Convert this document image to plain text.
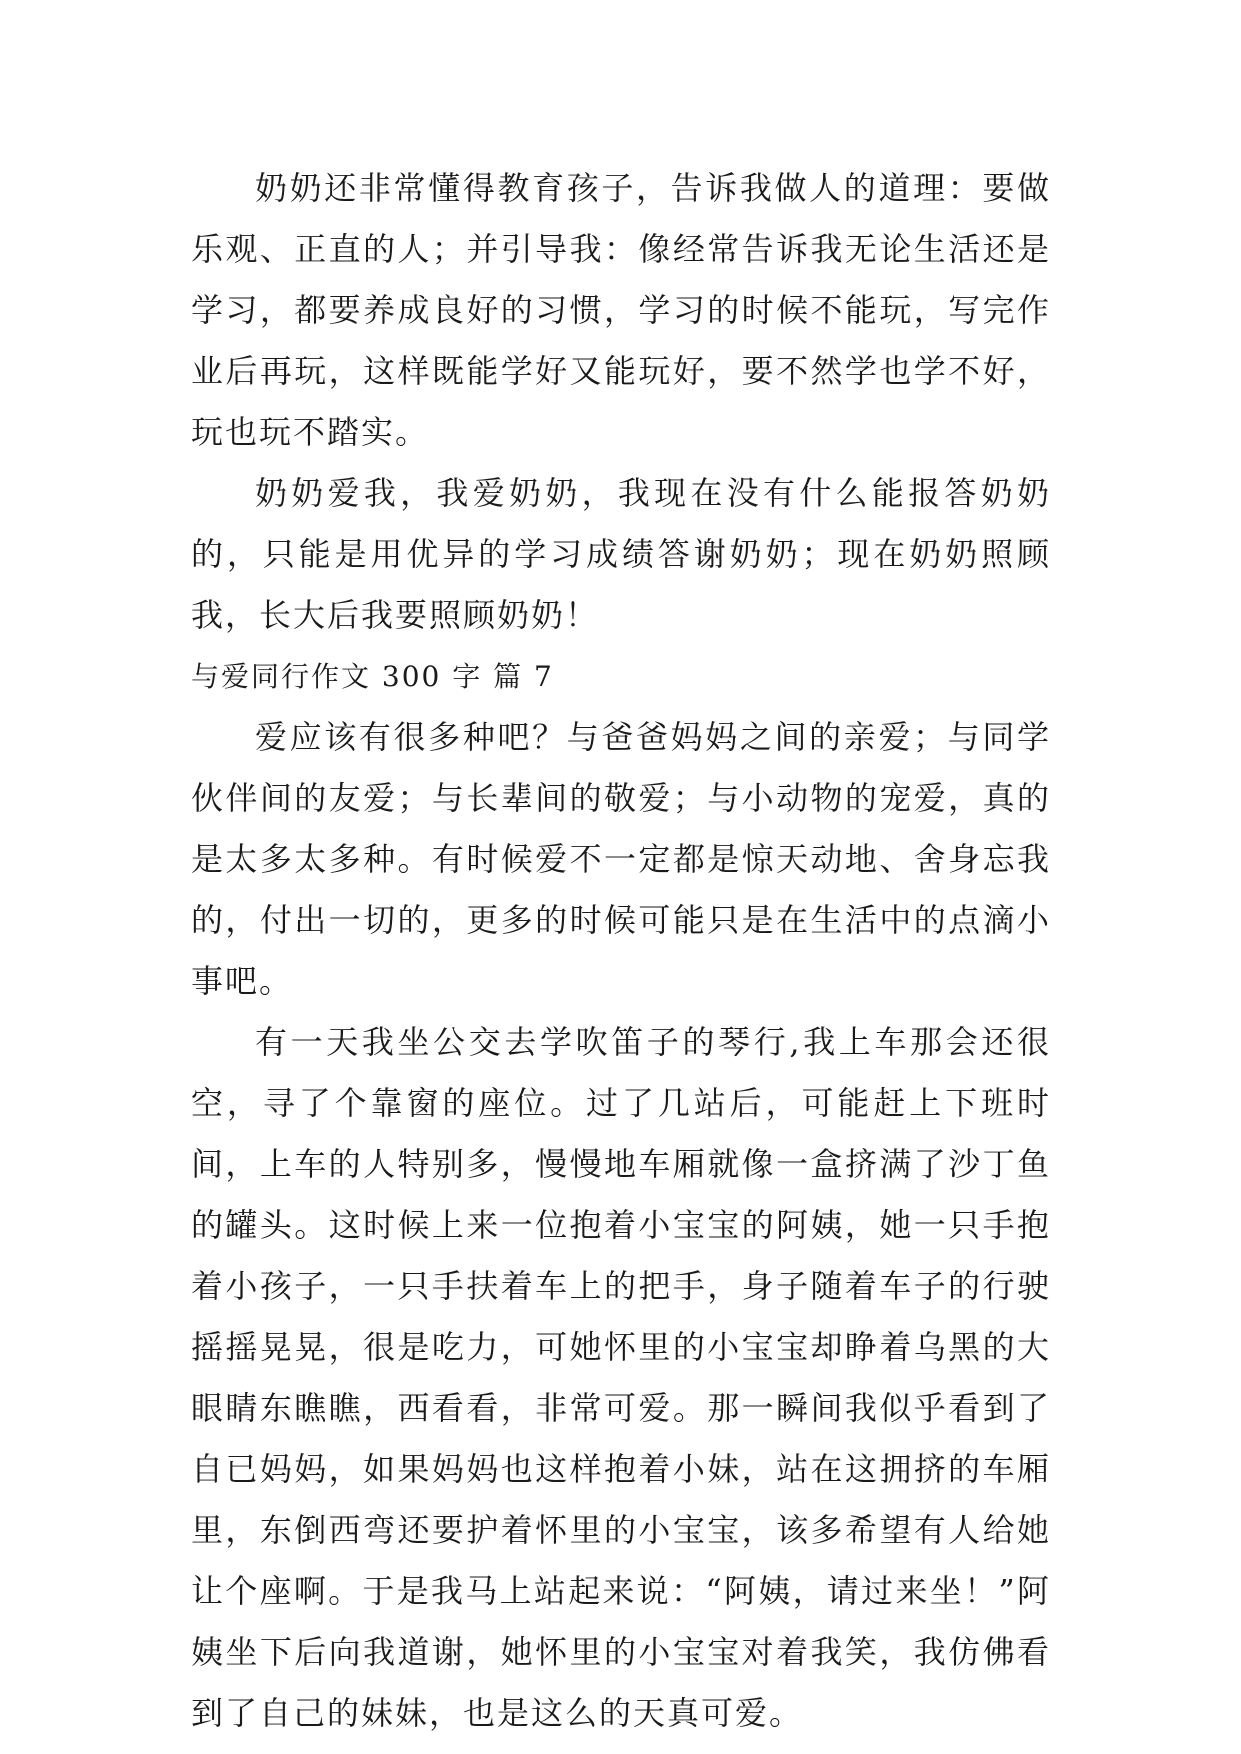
奶奶还非常懂得教育孩子，告诉我做人的道理：要做乐观、正直的人；并引导我：像经常告诉我无论生活还是学习，都要养成良好的习惯，学习的时候不能玩，写完作业后再玩，这样既能学好又能玩好，要不然学也学不好，玩也玩不踏实。

奶奶爱我，我爱奶奶，我现在没有什么能报答奶奶的，只能是用优异的学习成绩答谢奶奶；现在奶奶照顾我，长大后我要照顾奶奶！

与爱同行作文 300 字 篇 7

爱应该有很多种吧？与爸爸妈妈之间的亲爱；与同学伙伴间的友爱；与长辈间的敬爱；与小动物的宠爱，真的是太多太多种。有时候爱不一定都是惊天动地、舍身忘我的，付出一切的，更多的时候可能只是在生活中的点滴小事吧。

有一天我坐公交去学吹笛子的琴行,我上车那会还很空，寻了个靠窗的座位。过了几站后，可能赶上下班时间，上车的人特别多，慢慢地车厢就像一盒挤满了沙丁鱼的罐头。这时候上来一位抱着小宝宝的阿姨，她一只手抱着小孩子，一只手扶着车上的把手，身子随着车子的行驶摇摇晃晃，很是吃力，可她怀里的小宝宝却睁着乌黑的大眼睛东瞧瞧，西看看，非常可爱。那一瞬间我似乎看到了自已妈妈，如果妈妈也这样抱着小妹，站在这拥挤的车厢里，东倒西弯还要护着怀里的小宝宝，该多希望有人给她让个座啊。于是我马上站起来说：“阿姨，请过来坐！”阿姨坐下后向我道谢，她怀里的小宝宝对着我笑，我仿佛看到了自己的妹妹，也是这么的天真可爱。
